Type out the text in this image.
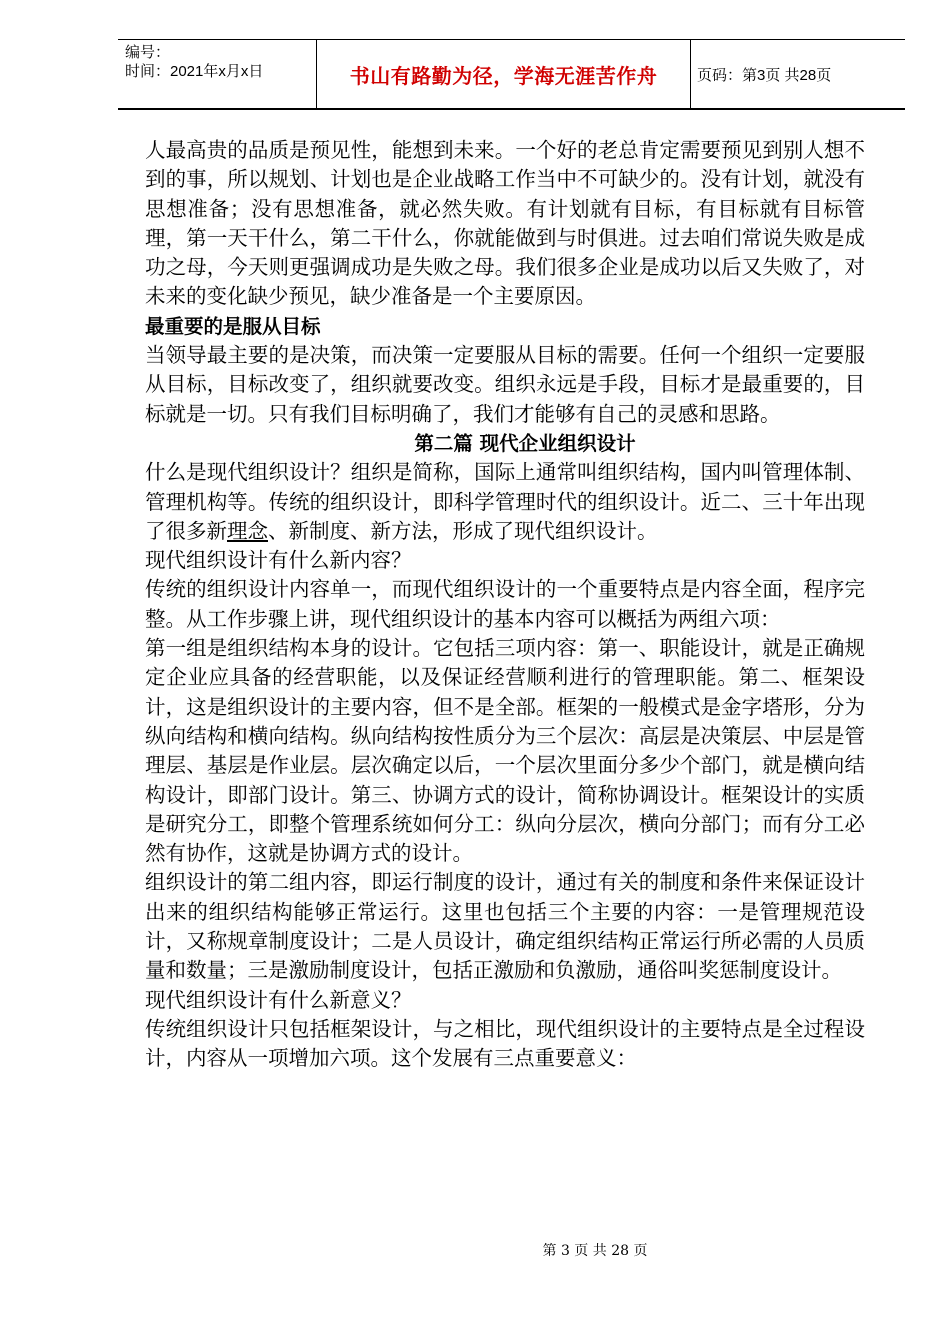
编号：
时间：2021年x月x日	书山有路勤为径，学海无涯苦作舟	页码：第3页 共28页

人最高贵的品质是预见性，能想到未来。一个好的老总肯定需要预见到别人想不到的事，所以规划、计划也是企业战略工作当中不可缺少的。没有计划，就没有思想准备；没有思想准备，就必然失败。有计划就有目标，有目标就有目标管理，第一天干什么，第二干什么，你就能做到与时俱进。过去咱们常说失败是成功之母，今天则更强调成功是失败之母。我们很多企业是成功以后又失败了，对未来的变化缺少预见，缺少准备是一个主要原因。

最重要的是服从目标

当领导最主要的是决策，而决策一定要服从目标的需要。任何一个组织一定要服从目标，目标改变了，组织就要改变。组织永远是手段，目标才是最重要的，目标就是一切。只有我们目标明确了，我们才能够有自己的灵感和思路。

第二篇 现代企业组织设计

什么是现代组织设计？组织是简称，国际上通常叫组织结构，国内叫管理体制、管理机构等。传统的组织设计，即科学管理时代的组织设计。近二、三十年出现了很多新理念、新制度、新方法，形成了现代组织设计。

现代组织设计有什么新内容？

传统的组织设计内容单一，而现代组织设计的一个重要特点是内容全面，程序完整。从工作步骤上讲，现代组织设计的基本内容可以概括为两组六项：

第一组是组织结构本身的设计。它包括三项内容：第一、职能设计，就是正确规定企业应具备的经营职能，以及保证经营顺利进行的管理职能。第二、框架设计，这是组织设计的主要内容，但不是全部。框架的一般模式是金字塔形，分为纵向结构和横向结构。纵向结构按性质分为三个层次：高层是决策层、中层是管理层、基层是作业层。层次确定以后，一个层次里面分多少个部门，就是横向结构设计，即部门设计。第三、协调方式的设计，简称协调设计。框架设计的实质是研究分工，即整个管理系统如何分工：纵向分层次，横向分部门；而有分工必然有协作，这就是协调方式的设计。

组织设计的第二组内容，即运行制度的设计，通过有关的制度和条件来保证设计出来的组织结构能够正常运行。这里也包括三个主要的内容：一是管理规范设计，又称规章制度设计；二是人员设计，确定组织结构正常运行所必需的人员质量和数量；三是激励制度设计，包括正激励和负激励，通俗叫奖惩制度设计。

现代组织设计有什么新意义？

传统组织设计只包括框架设计，与之相比，现代组织设计的主要特点是全过程设计，内容从一项增加六项。这个发展有三点重要意义：

第 3 页 共 28 页
